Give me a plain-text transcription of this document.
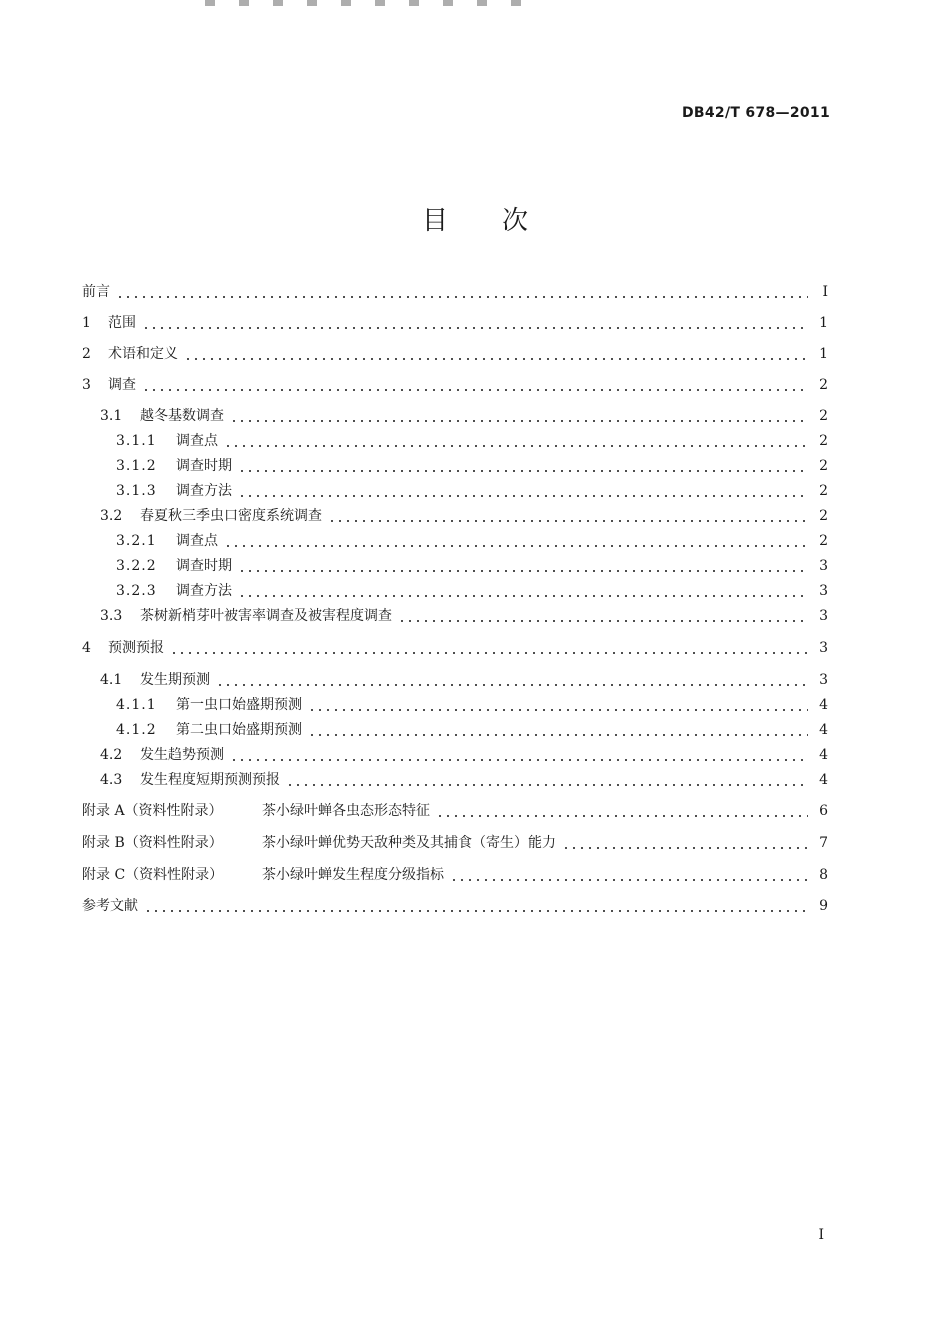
DB42/T 678—2011
目次
前言	I
1	范围	1
2	术语和定义	1
3	调查	2
3.1	越冬基数调查	2
3.1.1	调查点	2
3.1.2	调查时期	2
3.1.3	调查方法	2
3.2	春夏秋三季虫口密度系统调查	2
3.2.1	调查点	2
3.2.2	调查时期	3
3.2.3	调查方法	3
3.3	茶树新梢芽叶被害率调查及被害程度调查	3
4	预测预报	3
4.1	发生期预测	3
4.1.1	第一虫口始盛期预测	4
4.1.2	第二虫口始盛期预测	4
4.2	发生趋势预测	4
4.3	发生程度短期预测预报	4
附录 A（资料性附录）	茶小绿叶蝉各虫态形态特征	6
附录 B（资料性附录）	茶小绿叶蝉优势天敌种类及其捕食（寄生）能力	7
附录 C（资料性附录）	茶小绿叶蝉发生程度分级指标	8
参考文献	9
I
